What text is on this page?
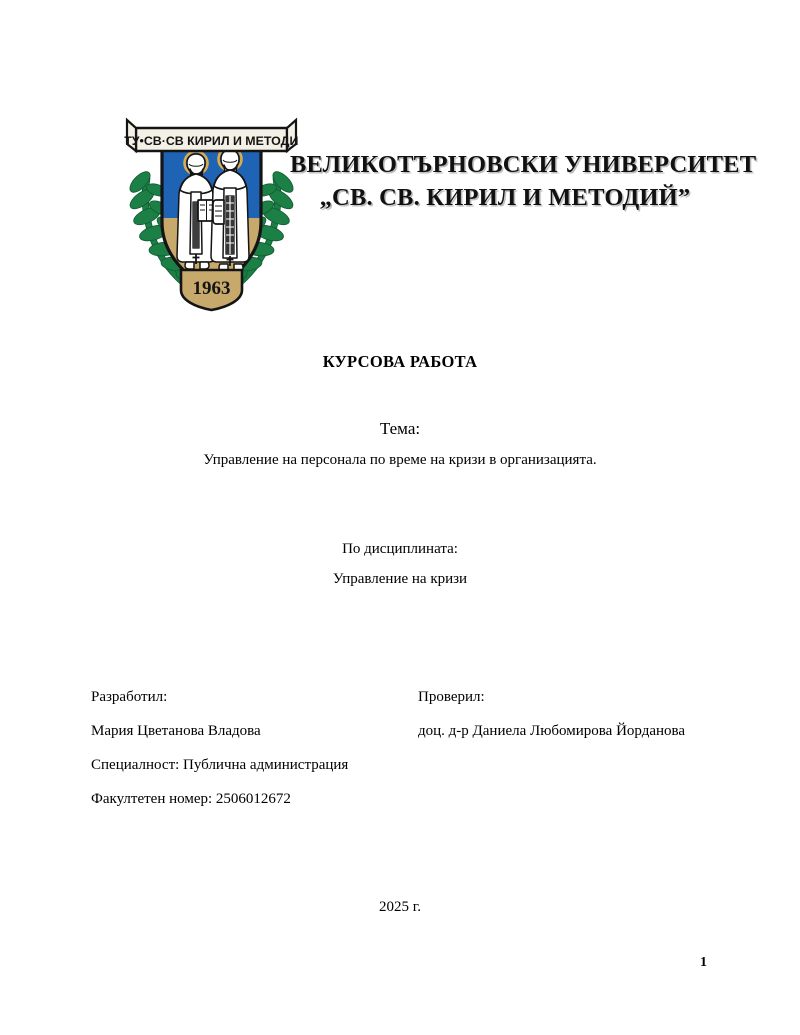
ВТУ•СВ·СВ КИРИЛ И МЕТОДИЙ
1963
ВЕЛИКОТЪРНОВСКИ УНИВЕРСИТЕТ
„СВ. СВ. КИРИЛ И МЕТОДИЙ”
КУРСОВА РАБОТА
Тема:
Управление на персонала по време на кризи в организацията.
По дисциплината:
Управление на кризи
Разработил:
Мария Цветанова Владова
Специалност: Публична администрация
Факултетен номер: 2506012672
Проверил:
доц. д-р Даниела Любомирова Йорданова
2025 г.
1
